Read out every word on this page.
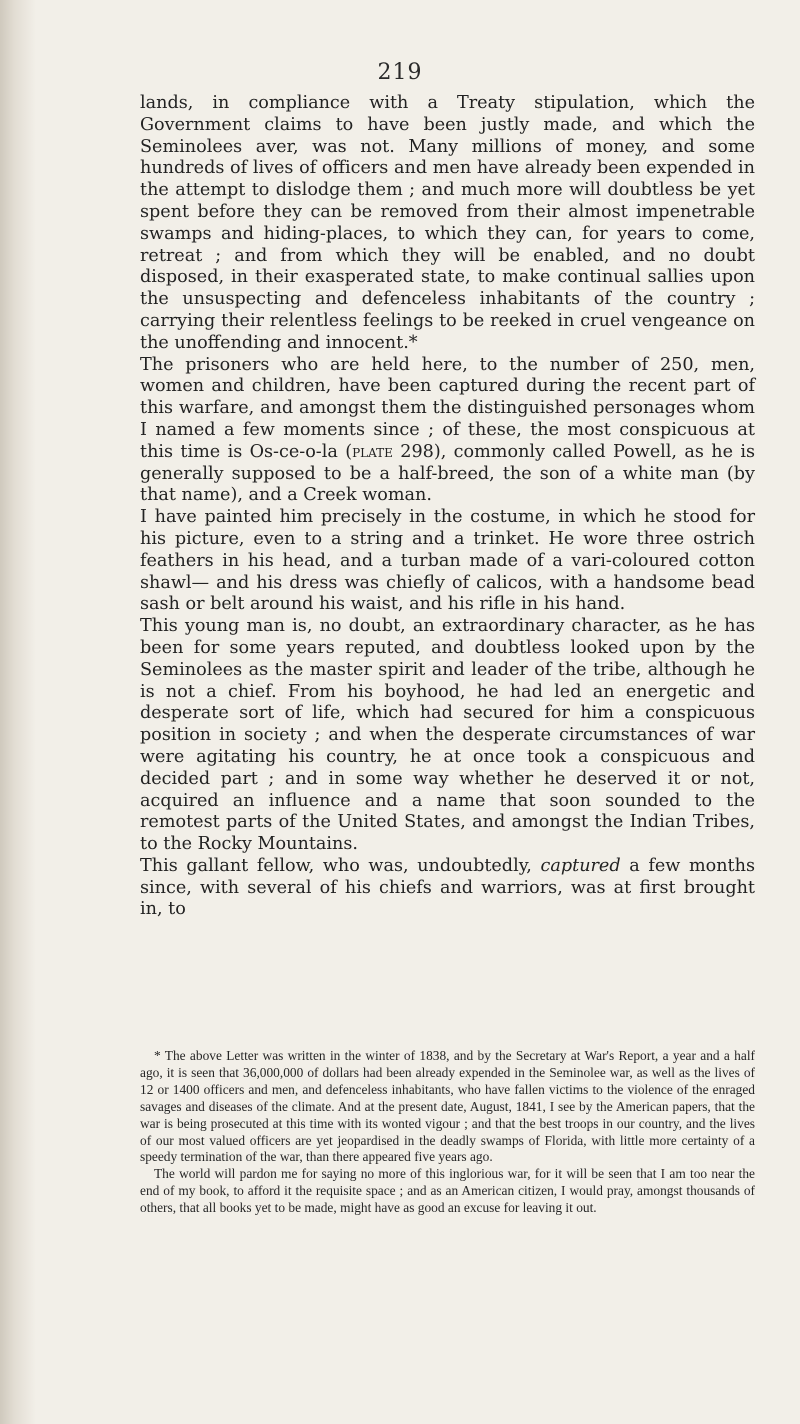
219

lands, in compliance with a Treaty stipulation, which the Government claims to have been justly made, and which the Seminolees aver, was not. Many millions of money, and some hundreds of lives of officers and men have already been expended in the attempt to dislodge them ; and much more will doubtless be yet spent before they can be removed from their almost impenetrable swamps and hiding-places, to which they can, for years to come, retreat ; and from which they will be enabled, and no doubt disposed, in their exasperated state, to make continual sallies upon the unsuspecting and defenceless inhabitants of the country ; carrying their relentless feelings to be reeked in cruel vengeance on the unoffending and innocent.*

The prisoners who are held here, to the number of 250, men, women and children, have been captured during the recent part of this warfare, and amongst them the distinguished personages whom I named a few moments since ; of these, the most conspicuous at this time is Os-ce-o-la (plate 298), commonly called Powell, as he is generally supposed to be a half-breed, the son of a white man (by that name), and a Creek woman.

I have painted him precisely in the costume, in which he stood for his picture, even to a string and a trinket. He wore three ostrich feathers in his head, and a turban made of a vari-coloured cotton shawl— and his dress was chiefly of calicos, with a handsome bead sash or belt around his waist, and his rifle in his hand.

This young man is, no doubt, an extraordinary character, as he has been for some years reputed, and doubtless looked upon by the Seminolees as the master spirit and leader of the tribe, although he is not a chief. From his boyhood, he had led an energetic and desperate sort of life, which had secured for him a conspicuous position in society ; and when the desperate circumstances of war were agitating his country, he at once took a conspicuous and decided part ; and in some way whether he deserved it or not, acquired an influence and a name that soon sounded to the remotest parts of the United States, and amongst the Indian Tribes, to the Rocky Mountains.

This gallant fellow, who was, undoubtedly, captured a few months since, with several of his chiefs and warriors, was at first brought in, to

* The above Letter was written in the winter of 1838, and by the Secretary at War's Report, a year and a half ago, it is seen that 36,000,000 of dollars had been already expended in the Seminolee war, as well as the lives of 12 or 1400 officers and men, and defenceless inhabitants, who have fallen victims to the violence of the enraged savages and diseases of the climate. And at the present date, August, 1841, I see by the American papers, that the war is being prosecuted at this time with its wonted vigour ; and that the best troops in our country, and the lives of our most valued officers are yet jeopardised in the deadly swamps of Florida, with little more certainty of a speedy termination of the war, than there appeared five years ago.

The world will pardon me for saying no more of this inglorious war, for it will be seen that I am too near the end of my book, to afford it the requisite space ; and as an American citizen, I would pray, amongst thousands of others, that all books yet to be made, might have as good an excuse for leaving it out.
